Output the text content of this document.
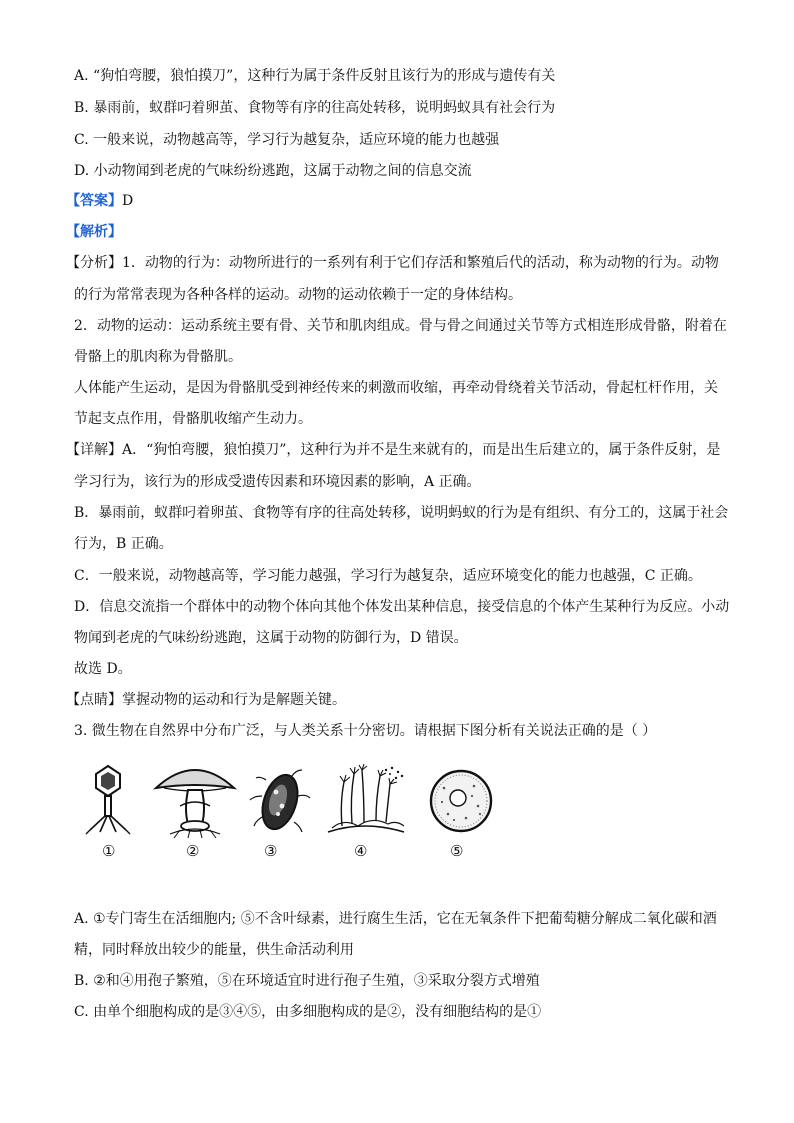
A. “狗怕弯腰，狼怕摸刀”，这种行为属于条件反射且该行为的形成与遗传有关
B. 暴雨前，蚁群叼着卵茧、食物等有序的往高处转移，说明蚂蚁具有社会行为
C. 一般来说，动物越高等，学习行为越复杂，适应环境的能力也越强
D. 小动物闻到老虎的气味纷纷逃跑，这属于动物之间的信息交流
【答案】D
【解析】
【分析】1．动物的行为：动物所进行的一系列有利于它们存活和繁殖后代的活动，称为动物的行为。动物
的行为常常表现为各种各样的运动。动物的运动依赖于一定的身体结构。
2．动物的运动：运动系统主要有骨、关节和肌肉组成。骨与骨之间通过关节等方式相连形成骨骼，附着在
骨骼上的肌肉称为骨骼肌。
人体能产生运动，是因为骨骼肌受到神经传来的刺激而收缩，再牵动骨绕着关节活动，骨起杠杆作用，关
节起支点作用，骨骼肌收缩产生动力。
【详解】A．“狗怕弯腰，狼怕摸刀”，这种行为并不是生来就有的，而是出生后建立的，属于条件反射，是
学习行为，该行为的形成受遗传因素和环境因素的影响，A 正确。
B．暴雨前，蚁群叼着卵茧、食物等有序的往高处转移，说明蚂蚁的行为是有组织、有分工的，这属于社会
行为，B 正确。
C．一般来说，动物越高等，学习能力越强，学习行为越复杂，适应环境变化的能力也越强，C 正确。
D．信息交流指一个群体中的动物个体向其他个体发出某种信息，接受信息的个体产生某种行为反应。小动
物闻到老虎的气味纷纷逃跑，这属于动物的防御行为，D 错误。
故选 D。
【点睛】掌握动物的运动和行为是解题关键。
3. 微生物在自然界中分布广泛，与人类关系十分密切。请根据下图分析有关说法正确的是（ ）
①	②	③	④	⑤
A. ①专门寄生在活细胞内; ⑤不含叶绿素，进行腐生生活，它在无氧条件下把葡萄糖分解成二氧化碳和酒
精，同时释放出较少的能量，供生命活动利用
B. ②和④用孢子繁殖，⑤在环境适宜时进行孢子生殖，③采取分裂方式增殖
C. 由单个细胞构成的是③④⑤，由多细胞构成的是②，没有细胞结构的是①
